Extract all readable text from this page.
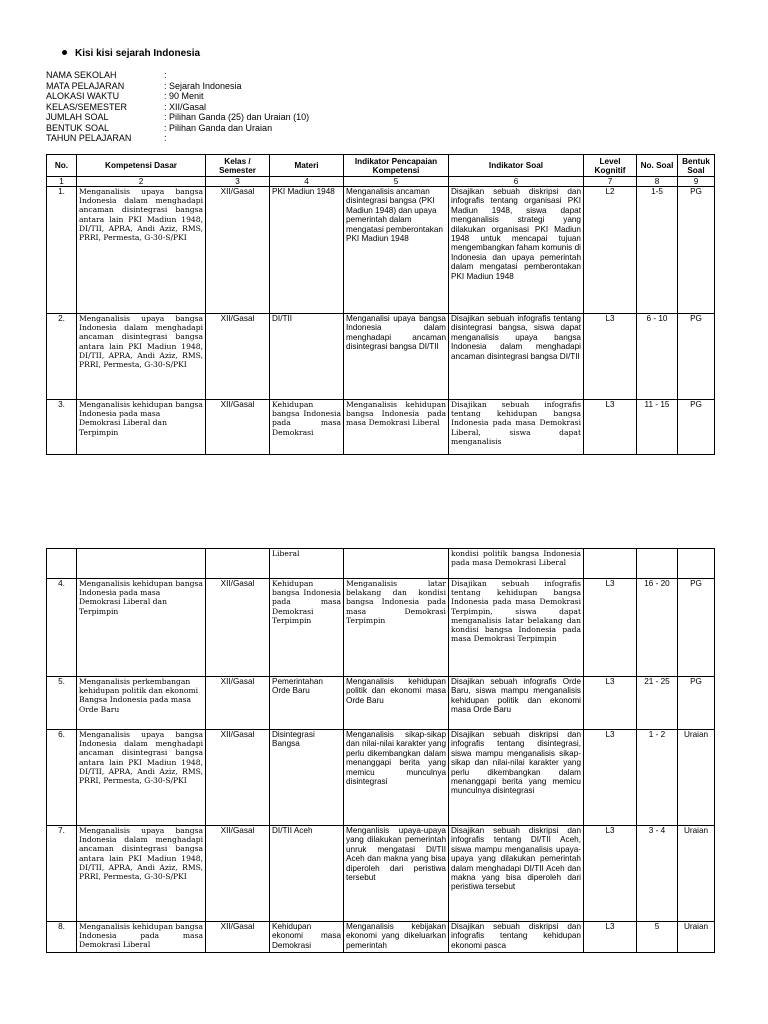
Kisi kisi sejarah Indonesia
NAMA SEKOLAH	:
MATA PELAJARAN	: Sejarah Indonesia
ALOKASI WAKTU	: 90 Menit
KELAS/SEMESTER	: XII/Gasal
JUMLAH SOAL	: Pilihan Ganda (25) dan Uraian (10)
BENTUK SOAL	: Pilihan Ganda dan Uraian
TAHUN PELAJARAN	:
No.	Kompetensi Dasar	Kelas / Semester	Materi	Indikator Pencapaian Kompetensi	Indikator Soal	Level Kognitif	No. Soal	Bentuk Soal
1	2	3	4	5	6	7	8	9
1.	Menganalisis upaya bangsa Indonesia dalam menghadapi ancaman disintegrasi bangsa antara lain PKI Madiun 1948, DI/TII, APRA, Andi Aziz, RMS, PRRI, Permesta, G-30-S/PKI	XII/Gasal	PKI Madiun 1948	Menganalisis ancaman disintegrasi bangsa (PKI Madiun 1948) dan upaya pemerintah dalam mengatasi pemberontakan PKI Madiun 1948	Disajikan sebuah diskripsi dan infografis tentang organisasi PKI Madiun 1948, siswa dapat menganalisis strategi yang dilakukan organisasi PKI Madiun 1948 untuk mencapai tujuan mengembangkan faham komunis di Indonesia dan upaya pemerintah dalam mengatasi pemberontakan PKI Madiun 1948	L2	1-5	PG
2.	Menganalisis upaya bangsa Indonesia dalam menghadapi ancaman disintegrasi bangsa antara lain PKI Madiun 1948, DI/TII, APRA, Andi Aziz, RMS, PRRI, Permesta, G-30-S/PKI	XII/Gasal	DI/TII	Menganalisi upaya bangsa Indonesia dalam menghadapi ancaman disintegrasi bangsa DI/TII	Disajikan sebuah infografis tentang disintegrasi bangsa, siswa dapat menganalisis upaya bangsa Indonesia dalam menghadapi ancaman disintegrasi bangsa DI/TII	L3	6 - 10	PG
3.	Menganalisis kehidupan bangsa Indonesia pada masa Demokrasi Liberal dan Terpimpin	XII/Gasal	Kehidupan bangsa Indonesia pada masa Demokrasi	Menganalisis kehidupan bangsa Indonesia pada masa Demokrasi Liberal	Disajikan sebuah infografis tentang kehidupan bangsa Indonesia pada masa Demokrasi Liberal, siswa dapat menganalisis	L3	11 - 15	PG
			Liberal		kondisi politik bangsa Indonesia pada masa Demokrasi Liberal			
4.	Menganalisis kehidupan bangsa Indonesia pada masa Demokrasi Liberal dan Terpimpin	XII/Gasal	Kehidupan bangsa Indonesia pada masa Demokrasi Terpimpin	Menganalisis latar belakang dan kondisi bangsa Indonesia pada masa Demokrasi Terpimpin	Disajikan sebuah infografis tentang kehidupan bangsa Indonesia pada masa Demokrasi Terpimpin, siswa dapat menganalisis latar belakang dan kondisi bangsa Indonesia pada masa Demokrasi Terpimpin	L3	16 - 20	PG
5.	Menganalisis perkembangan kehidupan politik dan ekonomi Bangsa Indonesia pada masa Orde Baru	XII/Gasal	Pemerintahan Orde Baru	Menganalisis kehidupan politik dan ekonomi masa Orde Baru	Disajikan sebuah infografis Orde Baru, siswa mampu menganalisis kehidupan politik dan ekonomi masa Orde Baru	L3	21 - 25	PG
6.	Menganalisis upaya bangsa Indonesia dalam menghadapi ancaman disintegrasi bangsa antara lain PKI Madiun 1948, DI/TII, APRA, Andi Aziz, RMS, PRRI, Permesta, G-30-S/PKI	XII/Gasal	Disintegrasi Bangsa	Menganalisis sikap-sikap dan nilai-nilai karakter yang perlu dikembangkan dalam menanggapi berita yang memicu munculnya disintegrasi	Disajikan sebuah diskripsi dan infografis tentang disintegrasi, siswa mampu menganalisis sikap-sikap dan nilai-nilai karakter yang perlu dikembangkan dalam menanggapi berita yang memicu munculnya disintegrasi	L3	1 - 2	Uraian
7.	Menganalisis upaya bangsa Indonesia dalam menghadapi ancaman disintegrasi bangsa antara lain PKI Madiun 1948, DI/TII, APRA, Andi Aziz, RMS, PRRI, Permesta, G-30-S/PKI	XII/Gasal	DI/TII Aceh	Menganlisis upaya-upaya yang dilakukan pemerintah unruk mengatasi DI/TII Aceh dan makna yang bisa diperoleh dari peristiwa tersebut	Disajikan sebuah diskripsi dan infografis tentang DI/TII Aceh, siswa mampu menganalisis upaya-upaya yang dilakukan pemerintah dalam menghadapi DI/TII Aceh dan makna yang bisa diperoleh dari peristiwa tersebut	L3	3 - 4	Uraian
8.	Menganalisis kehidupan bangsa Indonesia pada masa Demokrasi Liberal	XII/Gasal	Kehidupan ekonomi masa Demokrasi	Menganalisis kebijakan ekonomi yang dikeluarkan pemerintah	Disajikan sebuah diskripsi dan infografis tentang kehidupan ekonomi pasca	L3	5	Uraian
